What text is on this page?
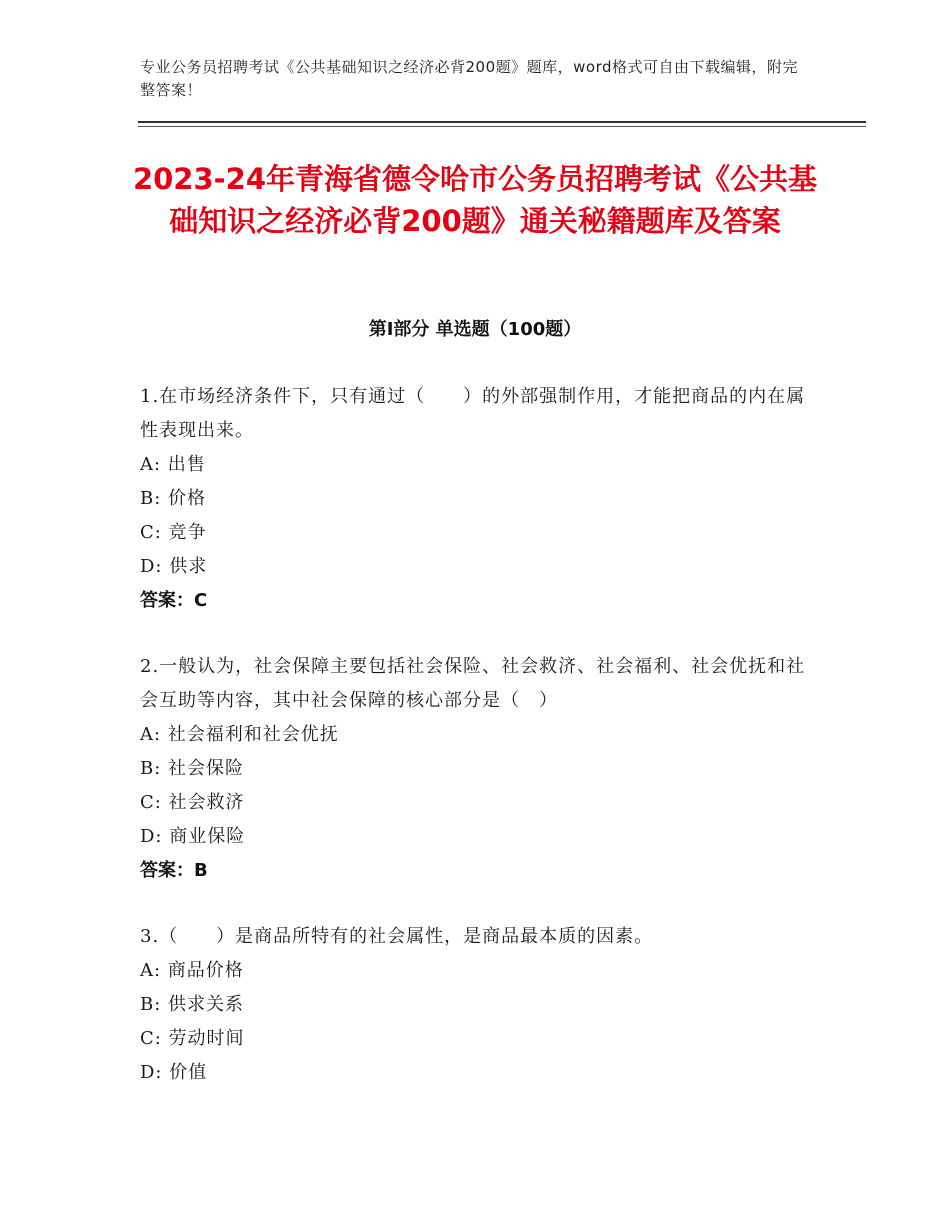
专业公务员招聘考试《公共基础知识之经济必背200题》题库，word格式可自由下载编辑，附完整答案！
2023-24年青海省德令哈市公务员招聘考试《公共基础知识之经济必背200题》通关秘籍题库及答案
第Ⅰ部分 单选题（100题）
1.在市场经济条件下，只有通过（　　）的外部强制作用，才能把商品的内在属性表现出来。
A: 出售
B: 价格
C: 竞争
D: 供求
答案：C
2.一般认为，社会保障主要包括社会保险、社会救济、社会福利、社会优抚和社会互助等内容，其中社会保障的核心部分是（　）
A: 社会福利和社会优抚
B: 社会保险
C: 社会救济
D: 商业保险
答案：B
3.（　　）是商品所特有的社会属性，是商品最本质的因素。
A: 商品价格
B: 供求关系
C: 劳动时间
D: 价值
